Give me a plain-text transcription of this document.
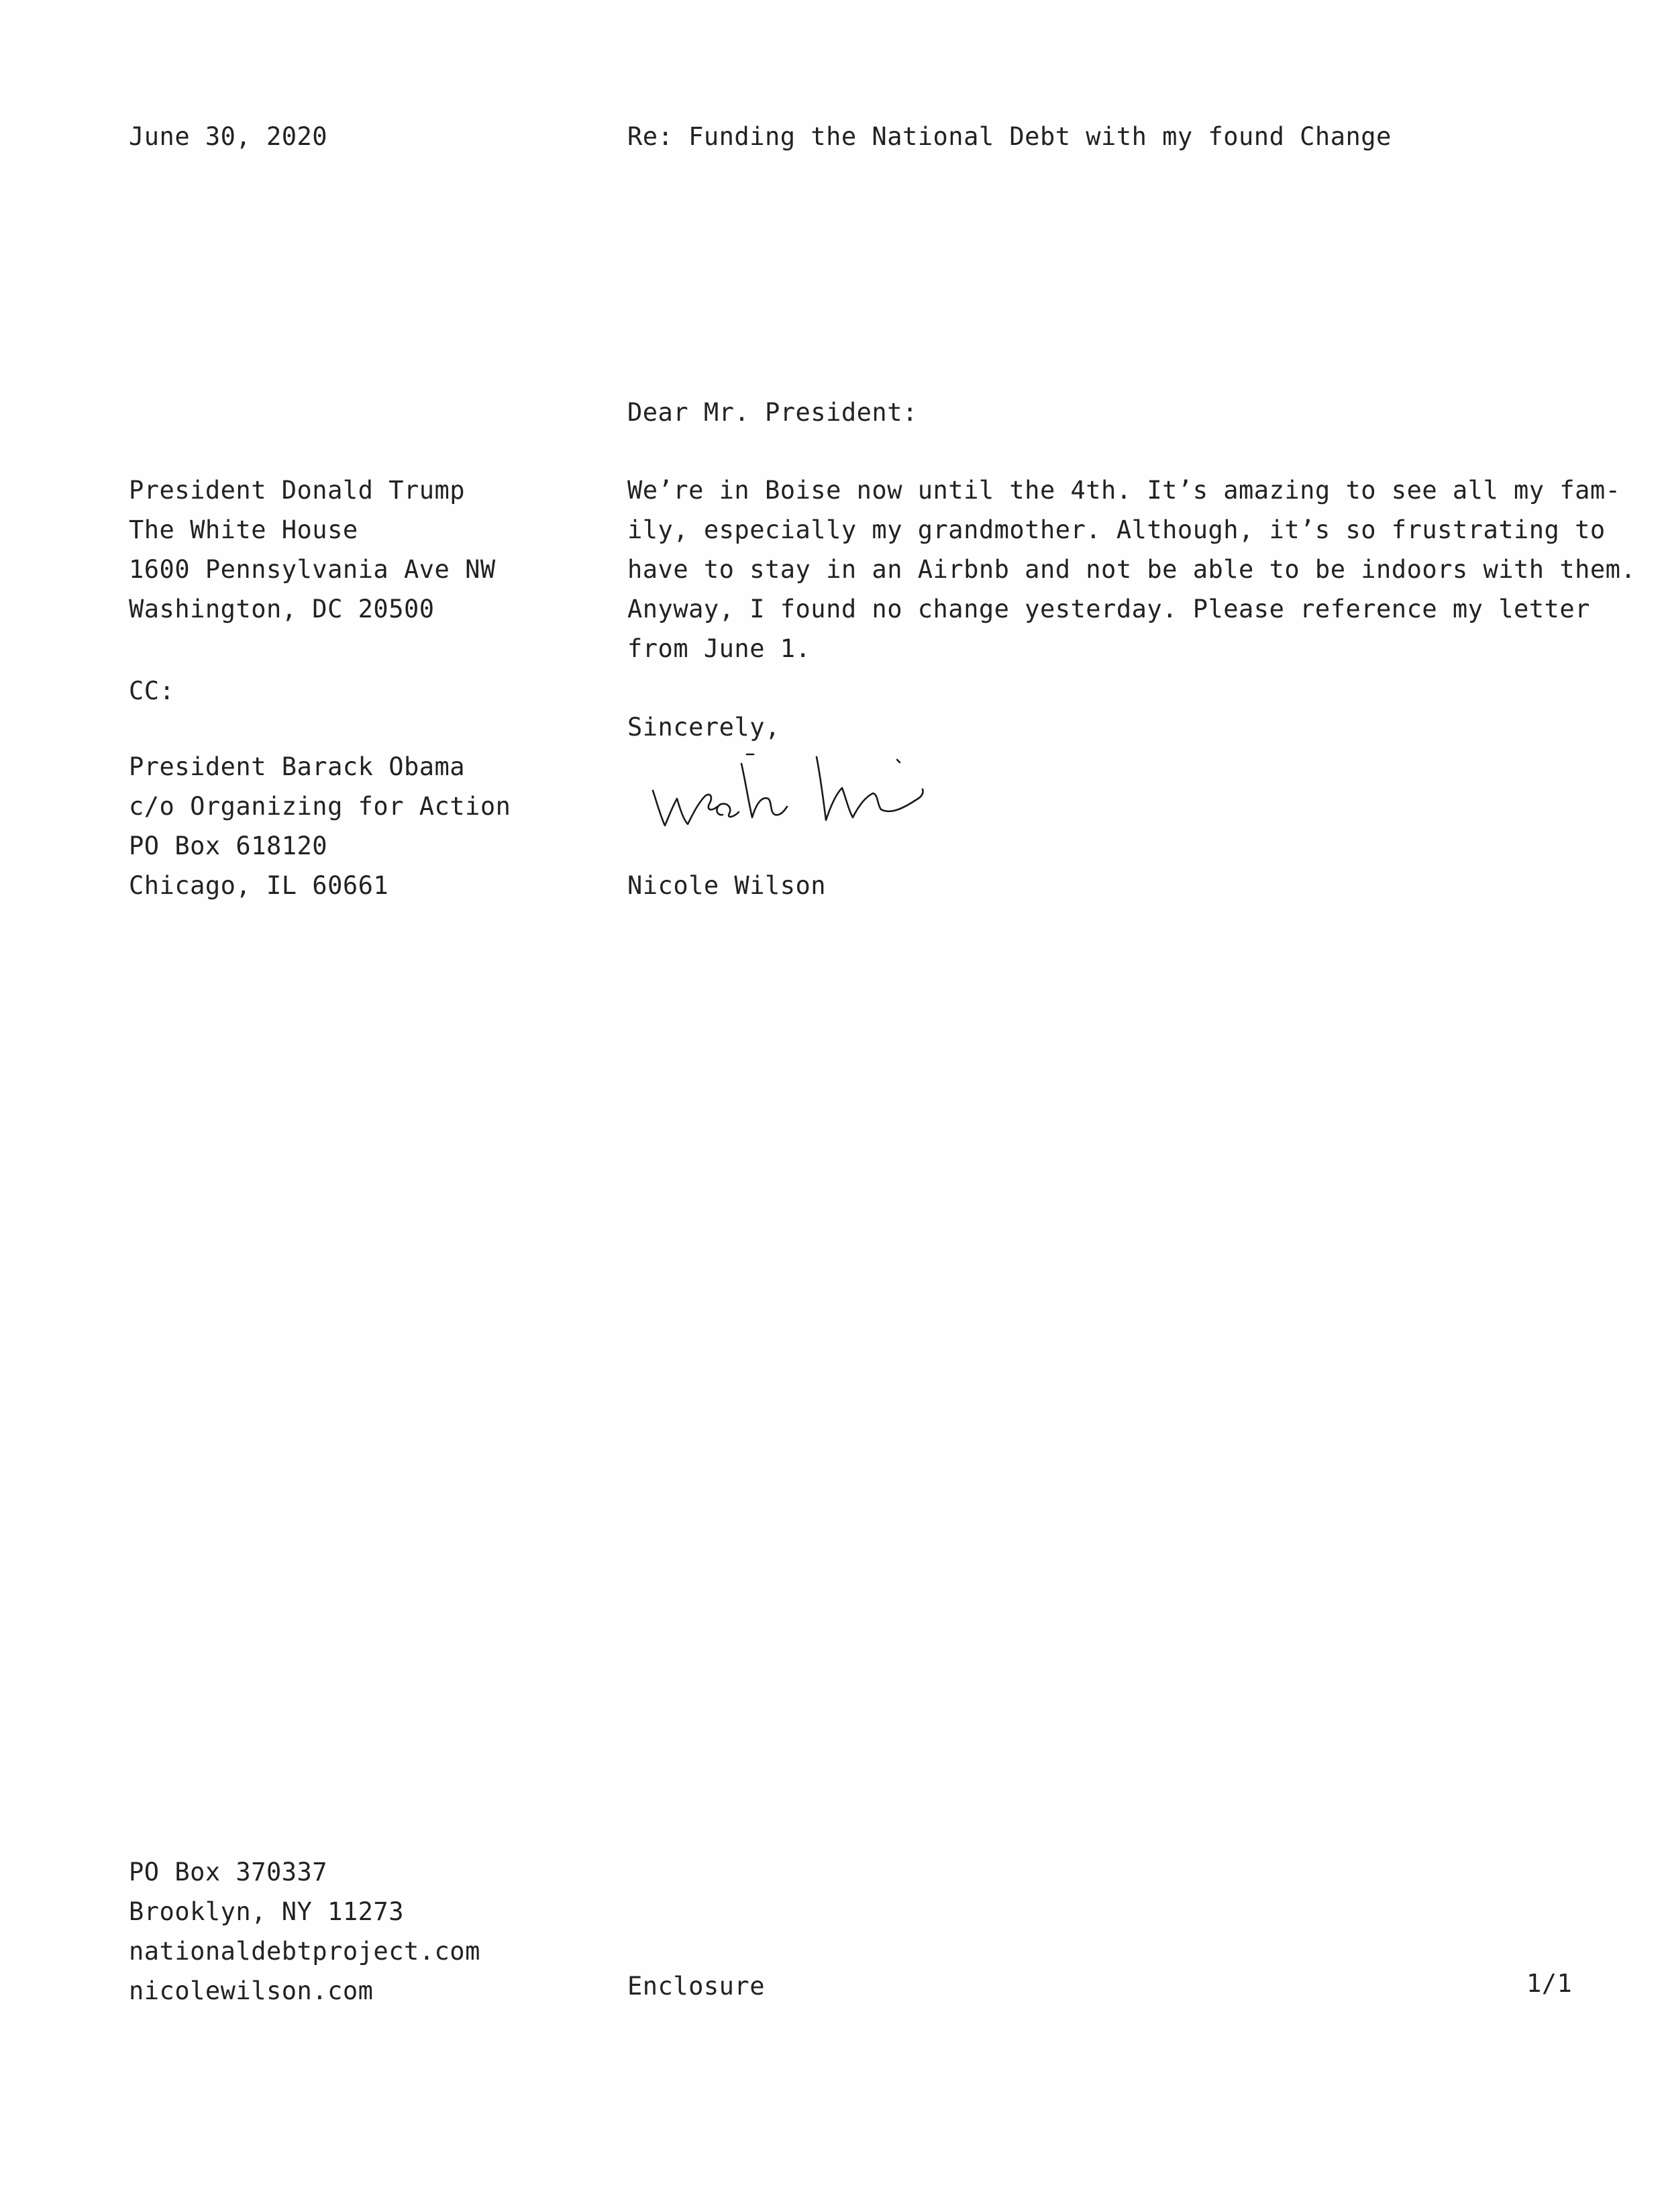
June 30, 2020	Re: Funding the National Debt with my found Change
Dear Mr. President:
President Donald Trump
The White House
1600 Pennsylvania Ave NW
Washington, DC 20500
CC:
President Barack Obama
c/o Organizing for Action
PO Box 618120
Chicago, IL 60661
We’re in Boise now until the 4th. It’s amazing to see all my fam-
ily, especially my grandmother. Although, it’s so frustrating to
have to stay in an Airbnb and not be able to be indoors with them.
Anyway, I found no change yesterday. Please reference my letter
from June 1.
Sincerely,
Nicole Wilson
PO Box 370337
Brooklyn, NY 11273
nationaldebtproject.com
nicolewilson.com	Enclosure	1/1
